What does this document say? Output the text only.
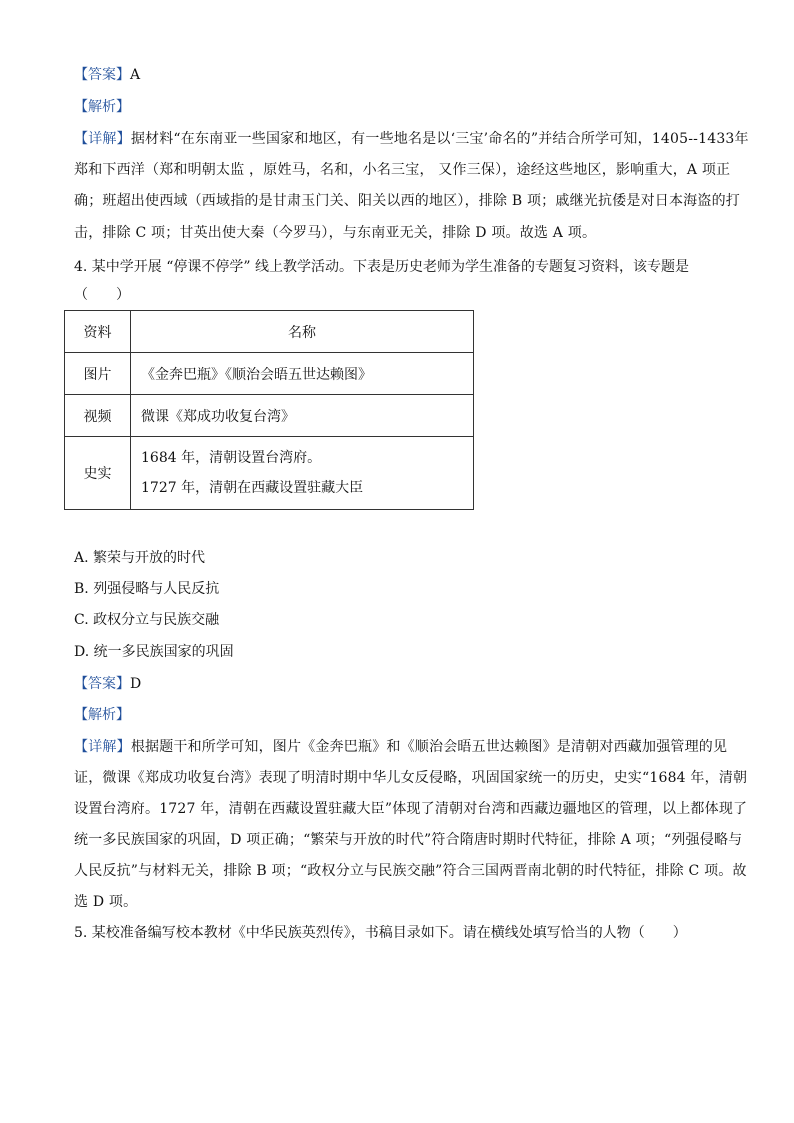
【答案】A
【解析】
【详解】据材料“在东南亚一些国家和地区，有一些地名是以‘三宝’命名的”并结合所学可知，1405--1433年
郑和下西洋（郑和明朝太监 ，原姓马，名和，小名三宝， 又作三保），途经这些地区，影响重大，A 项正
确；班超出使西域（西域指的是甘肃玉门关、阳关以西的地区），排除 B 项；戚继光抗倭是对日本海盗的打
击，排除 C 项；甘英出使大秦（今罗马），与东南亚无关，排除 D 项。故选 A 项。
4. 某中学开展 “停课不停学” 线上教学活动。下表是历史老师为学生准备的专题复习资料，该专题是
（　　）
资料	名称
图片	《金奔巴瓶》《顺治会晤五世达赖图》
视频	微课《郑成功收复台湾》
史实	1684 年，清朝设置台湾府。
1727 年，清朝在西藏设置驻藏大臣
A. 繁荣与开放的时代
B. 列强侵略与人民反抗
C. 政权分立与民族交融
D. 统一多民族国家的巩固
【答案】D
【解析】
【详解】根据题干和所学可知，图片《金奔巴瓶》和《顺治会晤五世达赖图》是清朝对西藏加强管理的见
证，微课《郑成功收复台湾》表现了明清时期中华儿女反侵略，巩固国家统一的历史，史实“1684 年，清朝
设置台湾府。1727 年，清朝在西藏设置驻藏大臣”体现了清朝对台湾和西藏边疆地区的管理，以上都体现了
统一多民族国家的巩固，D 项正确；“繁荣与开放的时代”符合隋唐时期时代特征，排除 A 项；“列强侵略与
人民反抗”与材料无关，排除 B 项；“政权分立与民族交融”符合三国两晋南北朝的时代特征，排除 C 项。故
选 D 项。
5. 某校准备编写校本教材《中华民族英烈传》，书稿目录如下。请在横线处填写恰当的人物（　　）
